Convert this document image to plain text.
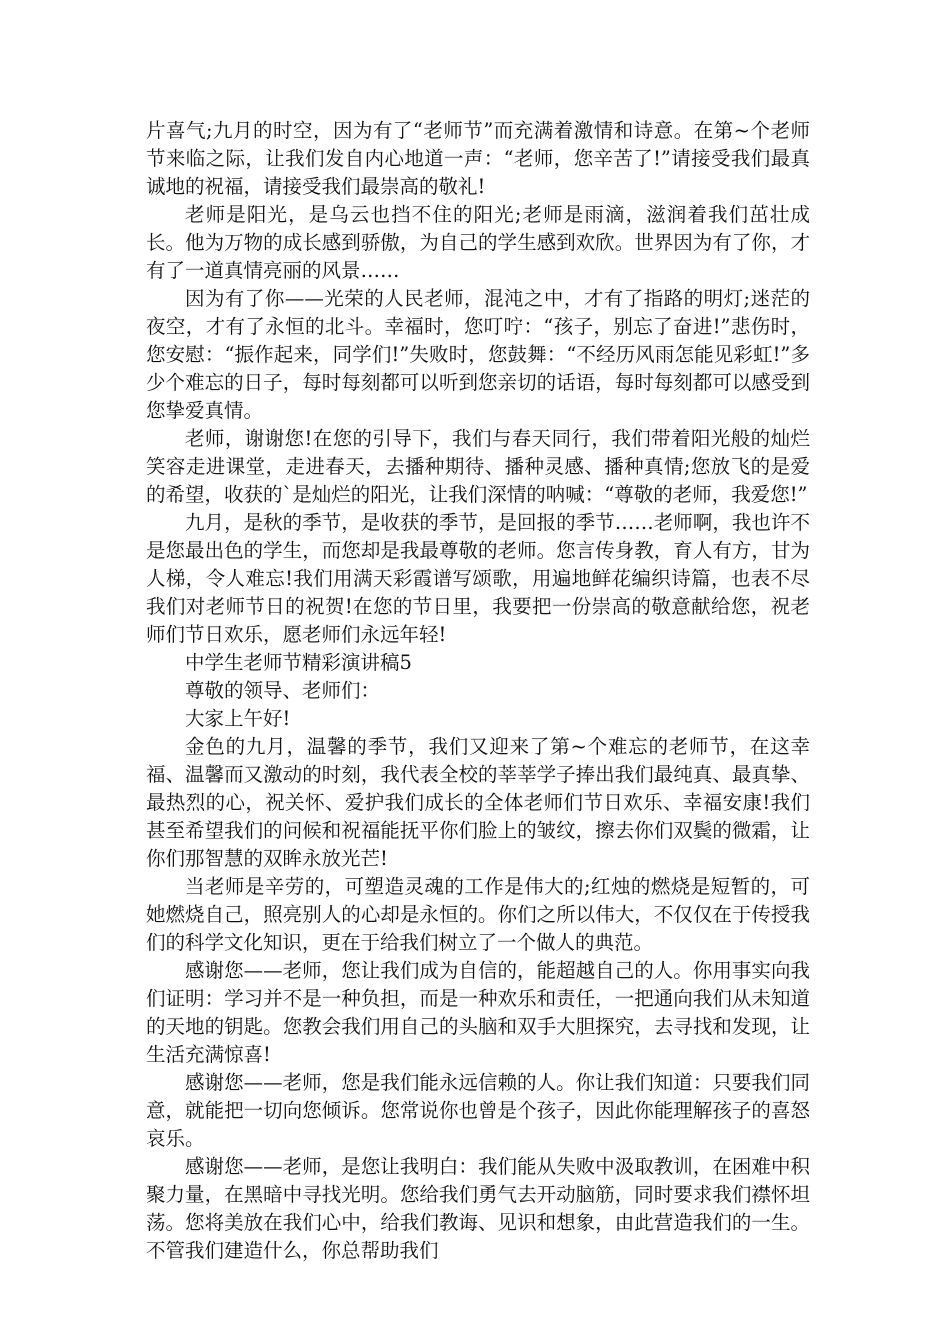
片喜气;九月的时空，因为有了“老师节”而充满着激情和诗意。在第~个老师节来临之际，让我们发自内心地道一声：“老师，您辛苦了!”请接受我们最真诚地的祝福，请接受我们最崇高的敬礼!

老师是阳光，是乌云也挡不住的阳光;老师是雨滴，滋润着我们茁壮成长。他为万物的成长感到骄傲，为自己的学生感到欢欣。世界因为有了你，才有了一道真情亮丽的风景……

因为有了你——光荣的人民老师，混沌之中，才有了指路的明灯;迷茫的夜空，才有了永恒的北斗。幸福时，您叮咛：“孩子，别忘了奋进!”悲伤时，您安慰：“振作起来，同学们!”失败时，您鼓舞：“不经历风雨怎能见彩虹!”多少个难忘的日子，每时每刻都可以听到您亲切的话语，每时每刻都可以感受到您挚爱真情。

老师，谢谢您!在您的引导下，我们与春天同行，我们带着阳光般的灿烂笑容走进课堂，走进春天，去播种期待、播种灵感、播种真情;您放飞的是爱的希望，收获的`是灿烂的阳光，让我们深情的呐喊：“尊敬的老师，我爱您!”

九月，是秋的季节，是收获的季节，是回报的季节……老师啊，我也许不是您最出色的学生，而您却是我最尊敬的老师。您言传身教，育人有方，甘为人梯，令人难忘!我们用满天彩霞谱写颂歌，用遍地鲜花编织诗篇，也表不尽我们对老师节日的祝贺!在您的节日里，我要把一份崇高的敬意献给您，祝老师们节日欢乐，愿老师们永远年轻!

中学生老师节精彩演讲稿5

尊敬的领导、老师们：

大家上午好!

金色的九月，温馨的季节，我们又迎来了第~个难忘的老师节，在这幸福、温馨而又激动的时刻，我代表全校的莘莘学子捧出我们最纯真、最真挚、最热烈的心，祝关怀、爱护我们成长的全体老师们节日欢乐、幸福安康!我们甚至希望我们的问候和祝福能抚平你们脸上的皱纹，擦去你们双鬓的微霜，让你们那智慧的双眸永放光芒!

当老师是辛劳的，可塑造灵魂的工作是伟大的;红烛的燃烧是短暂的，可她燃烧自己，照亮别人的心却是永恒的。你们之所以伟大，不仅仅在于传授我们的科学文化知识，更在于给我们树立了一个做人的典范。

感谢您——老师，您让我们成为自信的，能超越自己的人。你用事实向我们证明：学习并不是一种负担，而是一种欢乐和责任，一把通向我们从未知道的天地的钥匙。您教会我们用自己的头脑和双手大胆探究，去寻找和发现，让生活充满惊喜!

感谢您——老师，您是我们能永远信赖的人。你让我们知道：只要我们同意，就能把一切向您倾诉。您常说你也曾是个孩子，因此你能理解孩子的喜怒哀乐。

感谢您——老师，是您让我明白：我们能从失败中汲取教训，在困难中积聚力量，在黑暗中寻找光明。您给我们勇气去开动脑筋，同时要求我们襟怀坦荡。您将美放在我们心中，给我们教诲、见识和想象，由此营造我们的一生。不管我们建造什么，你总帮助我们
